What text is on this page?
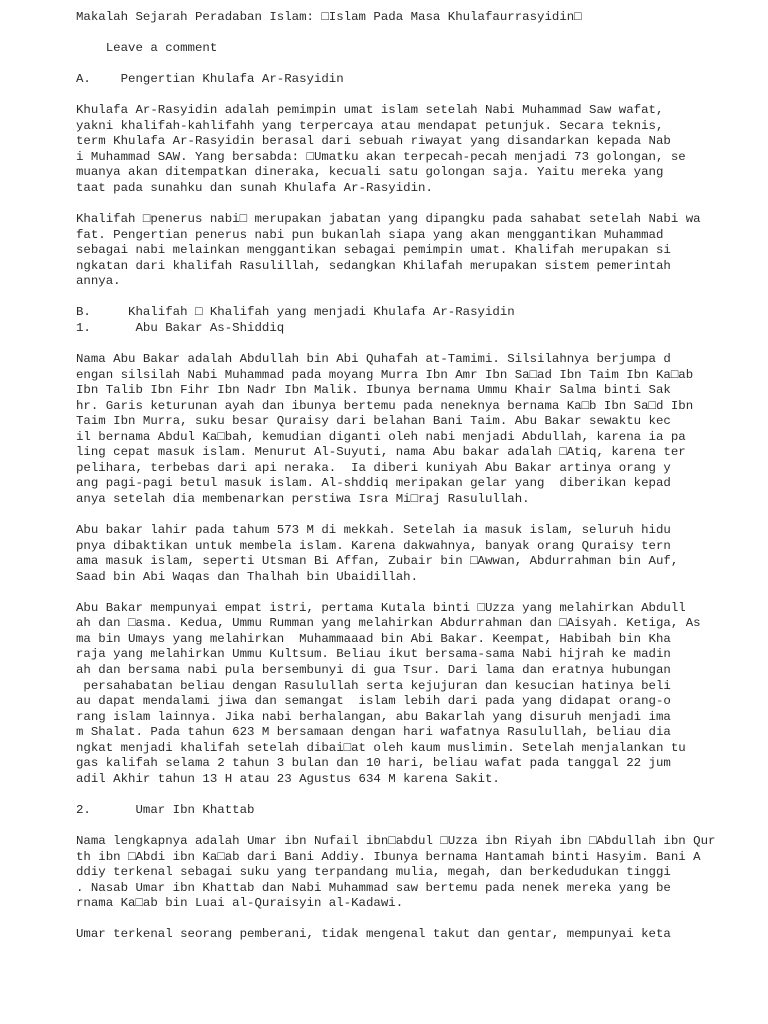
Makalah Sejarah Peradaban Islam: □Islam Pada Masa Khulafaurrasyidin□
Leave a comment
A.    Pengertian Khulafa Ar-Rasyidin
Khulafa Ar-Rasyidin adalah pemimpin umat islam setelah Nabi Muhammad Saw wafat,
yakni khalifah-kahlifahh yang terpercaya atau mendapat petunjuk. Secara teknis,
term Khulafa Ar-Rasyidin berasal dari sebuah riwayat yang disandarkan kepada Nab
i Muhammad SAW. Yang bersabda: □Umatku akan terpecah-pecah menjadi 73 golongan, se
muanya akan ditempatkan dineraka, kecuali satu golongan saja. Yaitu mereka yang
taat pada sunahku dan sunah Khulafa Ar-Rasyidin.
Khalifah □penerus nabi□ merupakan jabatan yang dipangku pada sahabat setelah Nabi wa
fat. Pengertian penerus nabi pun bukanlah siapa yang akan menggantikan Muhammad
sebagai nabi melainkan menggantikan sebagai pemimpin umat. Khalifah merupakan si
ngkatan dari khalifah Rasulillah, sedangkan Khilafah merupakan sistem pemerintah
annya.
B.     Khalifah □ Khalifah yang menjadi Khulafa Ar-Rasyidin
1.      Abu Bakar As-Shiddiq
Nama Abu Bakar adalah Abdullah bin Abi Quhafah at-Tamimi. Silsilahnya berjumpa d
engan silsilah Nabi Muhammad pada moyang Murra Ibn Amr Ibn Sa□ad Ibn Taim Ibn Ka□ab
Ibn Talib Ibn Fihr Ibn Nadr Ibn Malik. Ibunya bernama Ummu Khair Salma binti Sak
hr. Garis keturunan ayah dan ibunya bertemu pada neneknya bernama Ka□b Ibn Sa□d Ibn
Taim Ibn Murra, suku besar Quraisy dari belahan Bani Taim. Abu Bakar sewaktu kec
il bernama Abdul Ka□bah, kemudian diganti oleh nabi menjadi Abdullah, karena ia pa
ling cepat masuk islam. Menurut Al-Suyuti, nama Abu bakar adalah □Atiq, karena ter
pelihara, terbebas dari api neraka.  Ia diberi kuniyah Abu Bakar artinya orang y
ang pagi-pagi betul masuk islam. Al-shddiq meripakan gelar yang  diberikan kepad
anya setelah dia membenarkan perstiwa Isra Mi□raj Rasulullah.
Abu bakar lahir pada tahum 573 M di mekkah. Setelah ia masuk islam, seluruh hidu
pnya dibaktikan untuk membela islam. Karena dakwahnya, banyak orang Quraisy tern
ama masuk islam, seperti Utsman Bi Affan, Zubair bin □Awwan, Abdurrahman bin Auf,
Saad bin Abi Waqas dan Thalhah bin Ubaidillah.
Abu Bakar mempunyai empat istri, pertama Kutala binti □Uzza yang melahirkan Abdull
ah dan □asma. Kedua, Ummu Rumman yang melahirkan Abdurrahman dan □Aisyah. Ketiga, As
ma bin Umays yang melahirkan  Muhammaaad bin Abi Bakar. Keempat, Habibah bin Kha
raja yang melahirkan Ummu Kultsum. Beliau ikut bersama-sama Nabi hijrah ke madin
ah dan bersama nabi pula bersembunyi di gua Tsur. Dari lama dan eratnya hubungan
persahabatan beliau dengan Rasulullah serta kejujuran dan kesucian hatinya beli
au dapat mendalami jiwa dan semangat  islam lebih dari pada yang didapat orang-o
rang islam lainnya. Jika nabi berhalangan, abu Bakarlah yang disuruh menjadi ima
m Shalat. Pada tahun 623 M bersamaan dengan hari wafatnya Rasulullah, beliau dia
ngkat menjadi khalifah setelah dibai□at oleh kaum muslimin. Setelah menjalankan tu
gas kalifah selama 2 tahun 3 bulan dan 10 hari, beliau wafat pada tanggal 22 jum
adil Akhir tahun 13 H atau 23 Agustus 634 M karena Sakit.
2.      Umar Ibn Khattab
Nama lengkapnya adalah Umar ibn Nufail ibn□abdul □Uzza ibn Riyah ibn □Abdullah ibn Qur
th ibn □Abdi ibn Ka□ab dari Bani Addiy. Ibunya bernama Hantamah binti Hasyim. Bani A
ddiy terkenal sebagai suku yang terpandang mulia, megah, dan berkedudukan tinggi
. Nasab Umar ibn Khattab dan Nabi Muhammad saw bertemu pada nenek mereka yang be
rnama Ka□ab bin Luai al-Quraisyin al-Kadawi.
Umar terkenal seorang pemberani, tidak mengenal takut dan gentar, mempunyai keta
